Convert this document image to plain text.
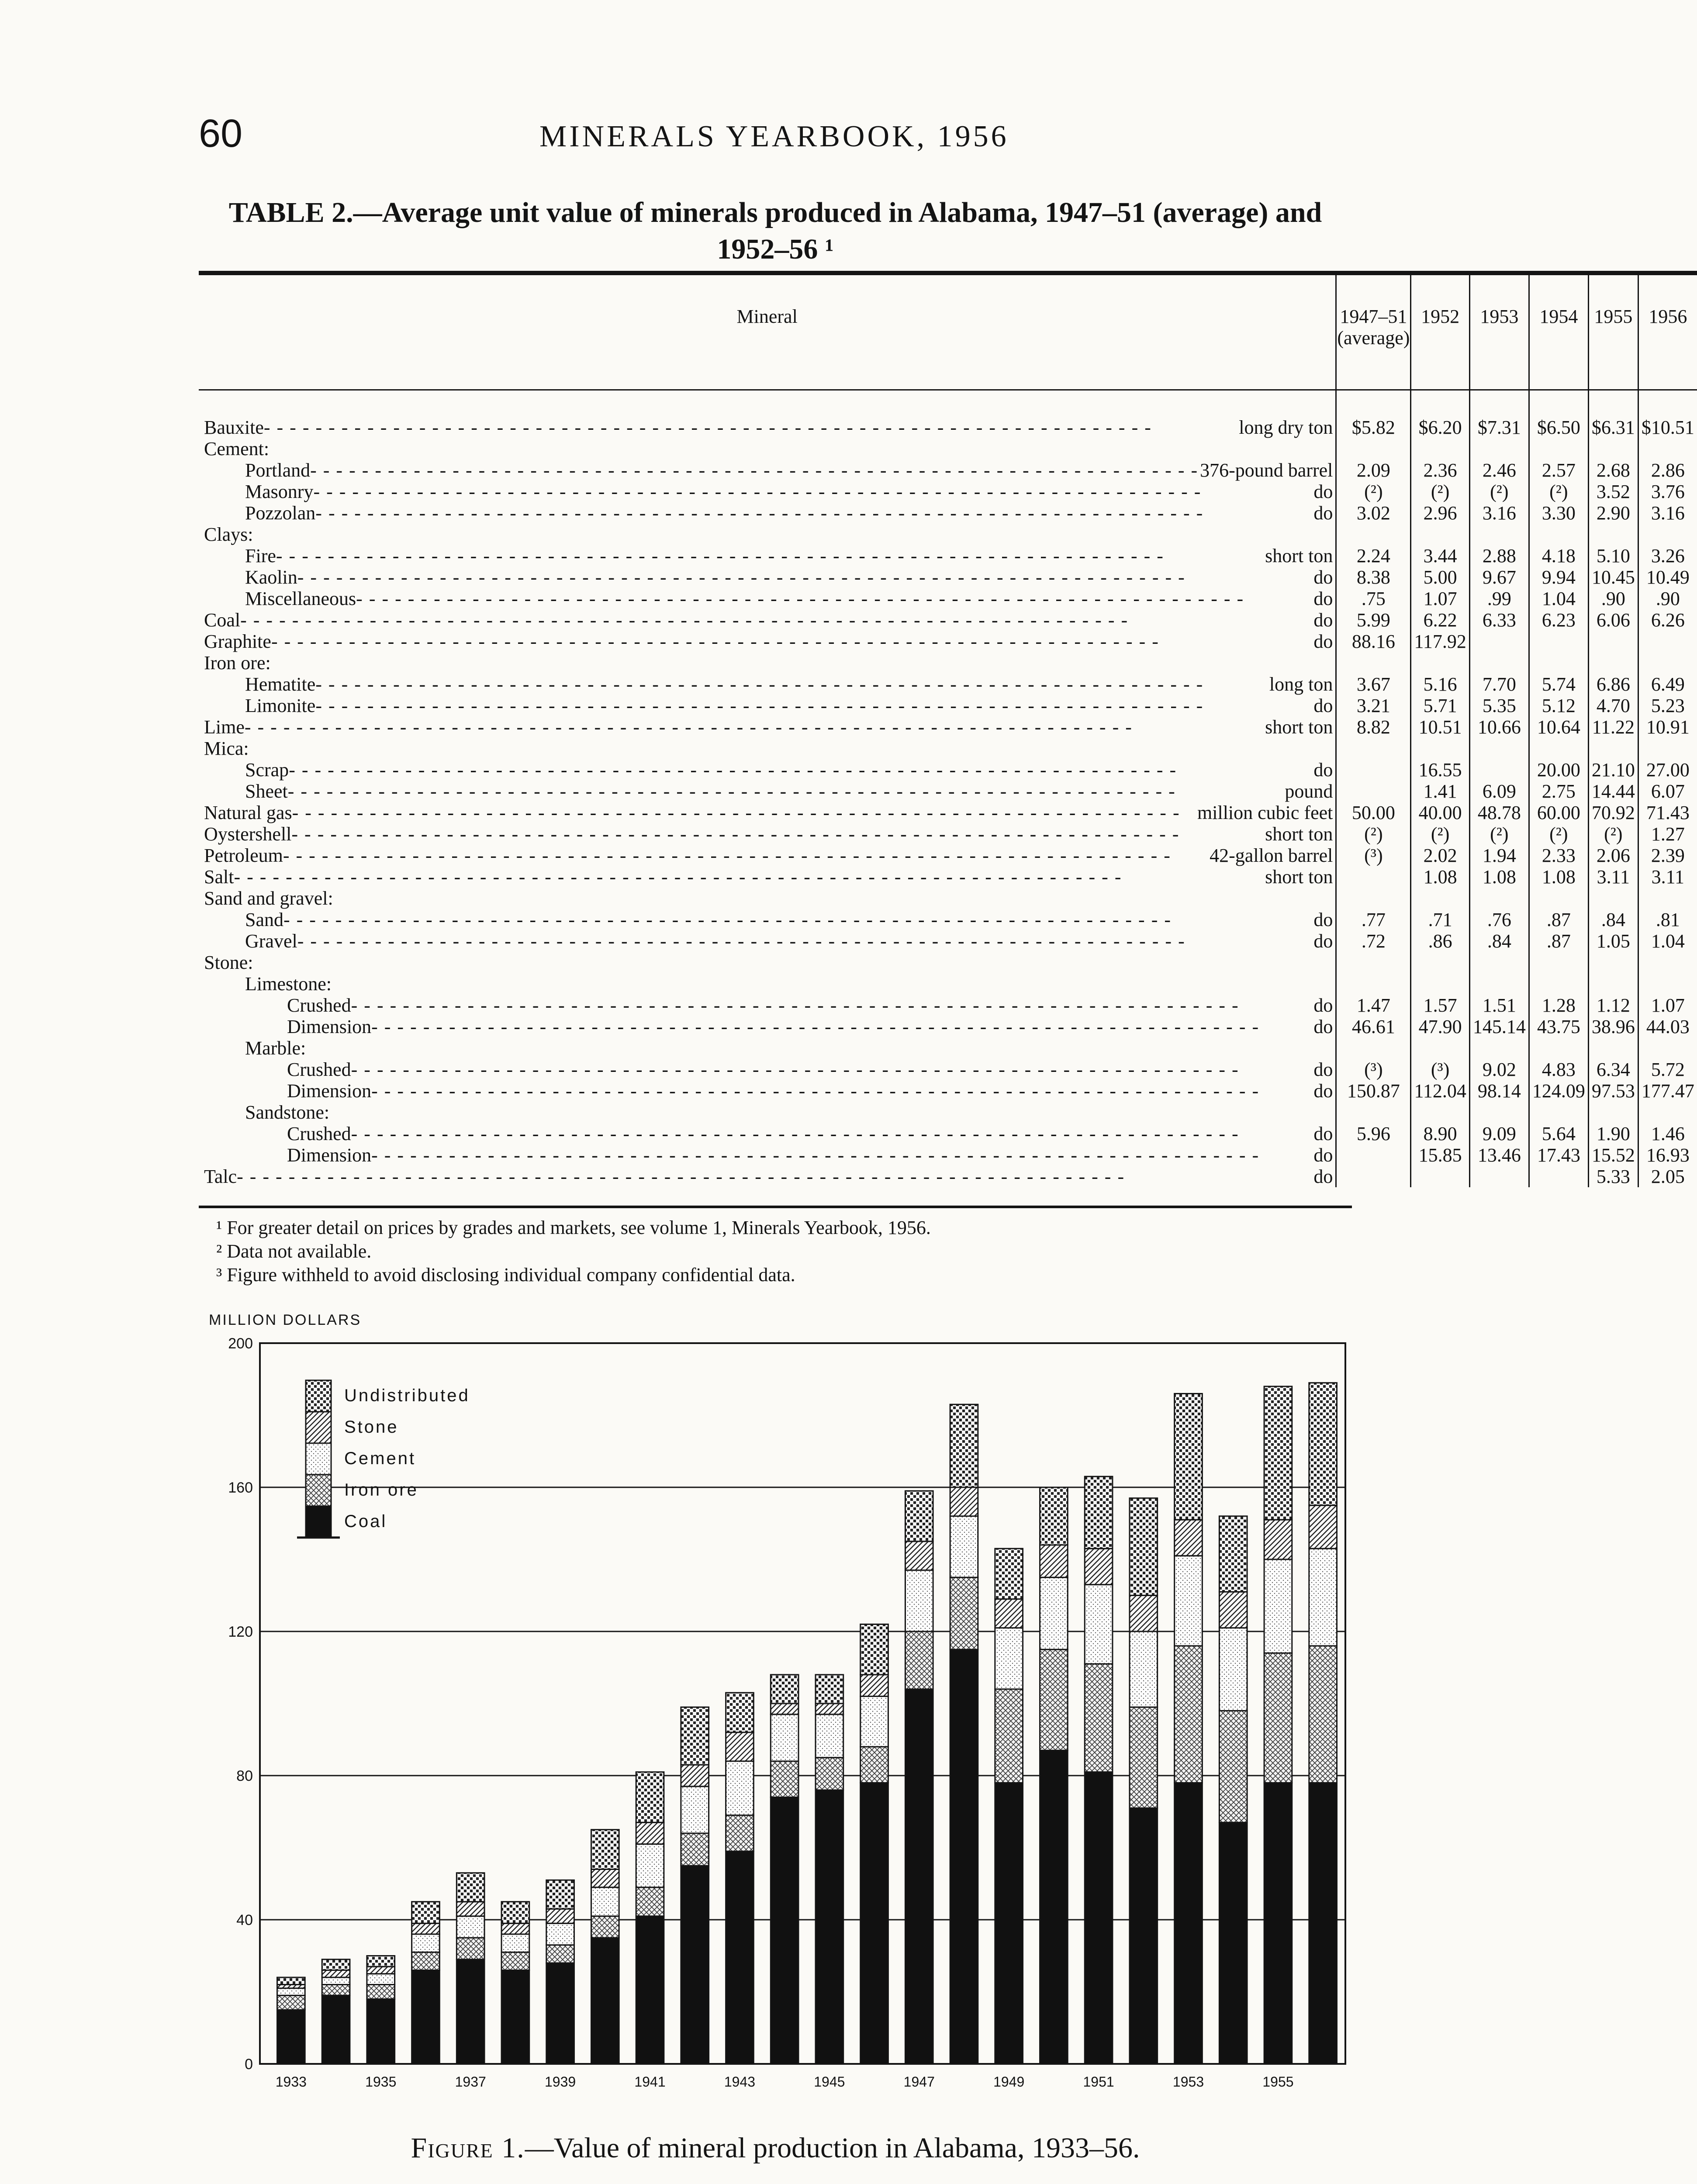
60	MINERALS YEARBOOK, 1956
TABLE 2.—Average unit value of minerals produced in Alabama, 1947–51 (average) and 1952–56 ¹
Mineral	1947–51 (average)	1952	1953	1954	1955	1956

Bauxite - - - long dry ton	$5.82	$6.20	$7.31	$6.50	$6.31	$10.51

Cement:						

Portland - - - 376-pound barrel	2.09	2.36	2.46	2.57	2.68	2.86

Masonry - - - do	(²)	(²)	(²)	(²)	3.52	3.76

Pozzolan - - - do	3.02	2.96	3.16	3.30	2.90	3.16

Clays:						

Fire - - - short ton	2.24	3.44	2.88	4.18	5.10	3.26

Kaolin - - - do	8.38	5.00	9.67	9.94	10.45	10.49

Miscellaneous - - - do	.75	1.07	.99	1.04	.90	.90

Coal - - - do	5.99	6.22	6.33	6.23	6.06	6.26

Graphite - - - do	88.16	117.92				

Iron ore:						

Hematite - - - long ton	3.67	5.16	7.70	5.74	6.86	6.49

Limonite - - - do	3.21	5.71	5.35	5.12	4.70	5.23

Lime - - - short ton	8.82	10.51	10.66	10.64	11.22	10.91

Mica:						

Scrap - - - do		16.55		20.00	21.10	27.00

Sheet - - - pound		1.41	6.09	2.75	14.44	6.07

Natural gas - - - million cubic feet	50.00	40.00	48.78	60.00	70.92	71.43

Oystershell - - - short ton	(²)	(²)	(²)	(²)	(²)	1.27

Petroleum - - - 42-gallon barrel	(³)	2.02	1.94	2.33	2.06	2.39

Salt - - - short ton		1.08	1.08	1.08	3.11	3.11

Sand and gravel:						

Sand - - - do	.77	.71	.76	.87	.84	.81

Gravel - - - do	.72	.86	.84	.87	1.05	1.04

Stone:						

Limestone:						

Crushed - - - do	1.47	1.57	1.51	1.28	1.12	1.07

Dimension - - - do	46.61	47.90	145.14	43.75	38.96	44.03

Marble:						

Crushed - - - do	(³)	(³)	9.02	4.83	6.34	5.72

Dimension - - - do	150.87	112.04	98.14	124.09	97.53	177.47

Sandstone:						

Crushed - - - do	5.96	8.90	9.09	5.64	1.90	1.46

Dimension - - - do		15.85	13.46	17.43	15.52	16.93

Talc - - - do					5.33	2.05

¹ For greater detail on prices by grades and markets, see volume 1, Minerals Yearbook, 1956.

² Data not available.

³ Figure withheld to avoid disclosing individual company confidential data.

MILLION DOLLARS
0
40
80
120
160
200
1933	1935	1937	1939	1941	1943	1945	1947	1949	1951	1953	1955
Undistributed
Stone
Cement
Iron ore
Coal
Figure 1.—Value of mineral production in Alabama, 1933–56.
